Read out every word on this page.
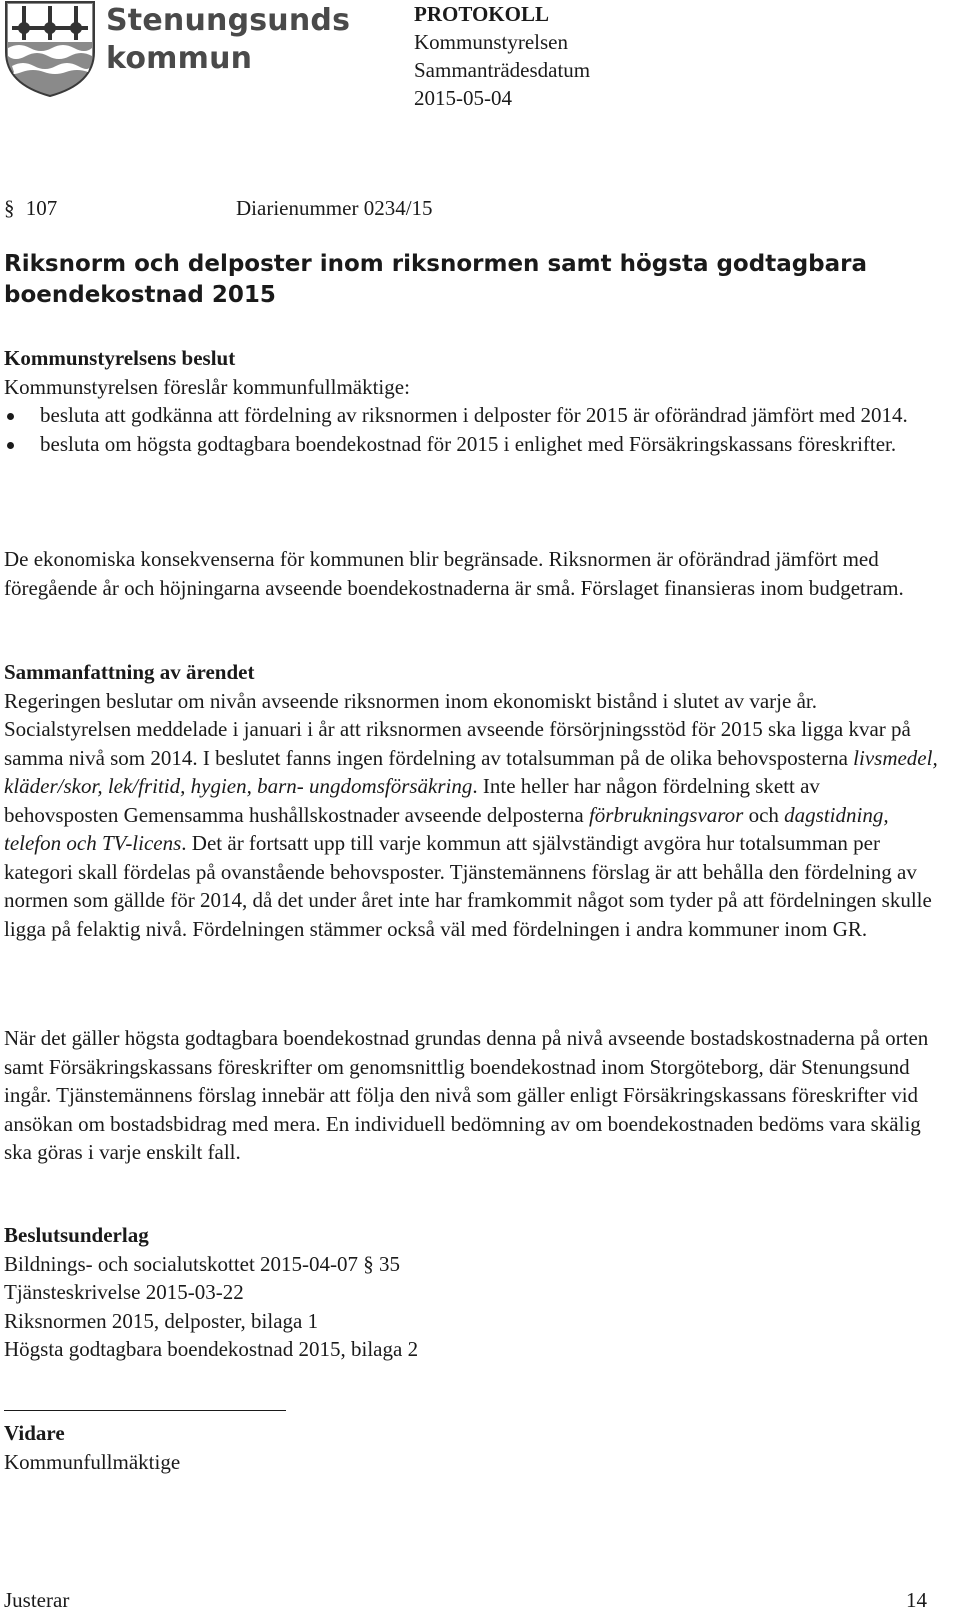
Stenungsunds
kommun
PROTOKOLL
Kommunstyrelsen
Sammanträdesdatum
2015-05-04
§ 107	Diarienummer 0234/15
Riksnorm och delposter inom riksnormen samt högsta godtagbara
boendekostnad 2015
Kommunstyrelsens beslut
Kommunstyrelsen föreslår kommunfullmäktige:
besluta att godkänna att fördelning av riksnormen i delposter för 2015 är oförändrad jämfört med 2014.
besluta om högsta godtagbara boendekostnad för 2015 i enlighet med Försäkringskassans föreskrifter.
De ekonomiska konsekvenserna för kommunen blir begränsade. Riksnormen är oförändrad jämfört med föregående år och höjningarna avseende boendekostnaderna är små. Förslaget finansieras inom budgetram.
Sammanfattning av ärendet

Regeringen beslutar om nivån avseende riksnormen inom ekonomiskt bistånd i slutet av varje år. Socialstyrelsen meddelade i januari i år att riksnormen avseende försörjningsstöd för 2015 ska ligga kvar på samma nivå som 2014. I beslutet fanns ingen fördelning av totalsumman på de olika behovsposterna livsmedel, kläder/skor, lek/fritid, hygien, barn- ungdomsförsäkring. Inte heller har någon fördelning skett av behovsposten Gemensamma hushållskostnader avseende delposterna förbrukningsvaror och dagstidning, telefon och TV-licens. Det är fortsatt upp till varje kommun att självständigt avgöra hur totalsumman per kategori skall fördelas på ovanstående behovsposter. Tjänstemännens förslag är att behålla den fördelning av normen som gällde för 2014, då det under året inte har framkommit något som tyder på att fördelningen skulle ligga på felaktig nivå. Fördelningen stämmer också väl med fördelningen i andra kommuner inom GR.

När det gäller högsta godtagbara boendekostnad grundas denna på nivå avseende bostadskostnaderna på orten samt Försäkringskassans föreskrifter om genomsnittlig boendekostnad inom Storgöteborg, där Stenungsund ingår. Tjänstemännens förslag innebär att följa den nivå som gäller enligt Försäkringskassans föreskrifter vid ansökan om bostadsbidrag med mera. En individuell bedömning av om boendekostnaden bedöms vara skälig ska göras i varje enskilt fall.
Beslutsunderlag
Bildnings- och socialutskottet 2015-04-07 § 35
Tjänsteskrivelse 2015-03-22
Riksnormen 2015, delposter, bilaga 1
Högsta godtagbara boendekostnad 2015, bilaga 2
Vidare
Kommunfullmäktige
Justerar	14
